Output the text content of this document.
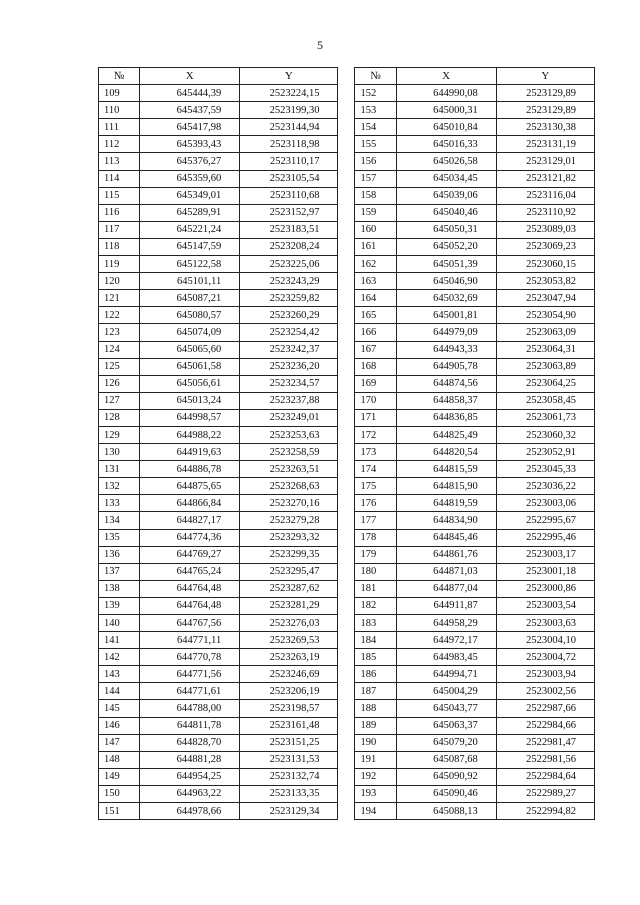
5
№	X	Y		№	X	Y
109	645444,39	2523224,15		152	644990,08	2523129,89
110	645437,59	2523199,30		153	645000,31	2523129,89
111	645417,98	2523144,94		154	645010,84	2523130,38
112	645393,43	2523118,98		155	645016,33	2523131,19
113	645376,27	2523110,17		156	645026,58	2523129,01
114	645359,60	2523105,54		157	645034,45	2523121,82
115	645349,01	2523110,68		158	645039,06	2523116,04
116	645289,91	2523152,97		159	645040,46	2523110,92
117	645221,24	2523183,51		160	645050,31	2523089,03
118	645147,59	2523208,24		161	645052,20	2523069,23
119	645122,58	2523225,06		162	645051,39	2523060,15
120	645101,11	2523243,29		163	645046,90	2523053,82
121	645087,21	2523259,82		164	645032,69	2523047,94
122	645080,57	2523260,29		165	645001,81	2523054,90
123	645074,09	2523254,42		166	644979,09	2523063,09
124	645065,60	2523242,37		167	644943,33	2523064,31
125	645061,58	2523236,20		168	644905,78	2523063,89
126	645056,61	2523234,57		169	644874,56	2523064,25
127	645013,24	2523237,88		170	644858,37	2523058,45
128	644998,57	2523249,01		171	644836,85	2523061,73
129	644988,22	2523253,63		172	644825,49	2523060,32
130	644919,63	2523258,59		173	644820,54	2523052,91
131	644886,78	2523263,51		174	644815,59	2523045,33
132	644875,65	2523268,63		175	644815,90	2523036,22
133	644866,84	2523270,16		176	644819,59	2523003,06
134	644827,17	2523279,28		177	644834,90	2522995,67
135	644774,36	2523293,32		178	644845,46	2522995,46
136	644769,27	2523299,35		179	644861,76	2523003,17
137	644765,24	2523295,47		180	644871,03	2523001,18
138	644764,48	2523287,62		181	644877,04	2523000,86
139	644764,48	2523281,29		182	644911,87	2523003,54
140	644767,56	2523276,03		183	644958,29	2523003,63
141	644771,11	2523269,53		184	644972,17	2523004,10
142	644770,78	2523263,19		185	644983,45	2523004,72
143	644771,56	2523246,69		186	644994,71	2523003,94
144	644771,61	2523206,19		187	645004,29	2523002,56
145	644788,00	2523198,57		188	645043,77	2522987,66
146	644811,78	2523161,48		189	645063,37	2522984,66
147	644828,70	2523151,25		190	645079,20	2522981,47
148	644881,28	2523131,53		191	645087,68	2522981,56
149	644954,25	2523132,74		192	645090,92	2522984,64
150	644963,22	2523133,35		193	645090,46	2522989,27
151	644978,66	2523129,34		194	645088,13	2522994,82
